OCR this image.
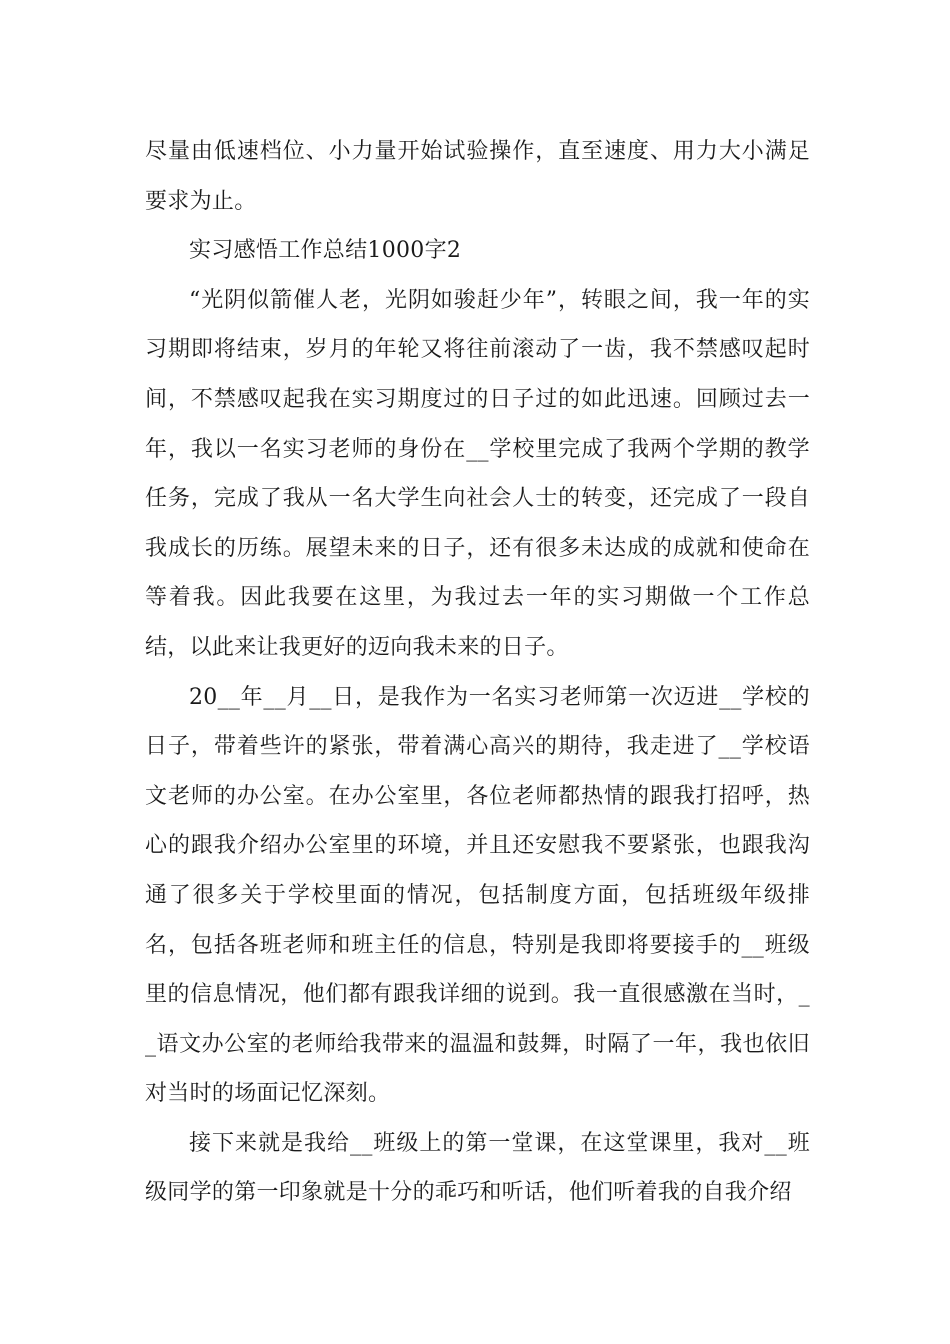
尽量由低速档位、小力量开始试验操作，直至速度、用力大小满足要求为止。

实习感悟工作总结1000字2

“光阴似箭催人老，光阴如骏赶少年”，转眼之间，我一年的实习期即将结束，岁月的年轮又将往前滚动了一齿，我不禁感叹起时间，不禁感叹起我在实习期度过的日子过的如此迅速。回顾过去一年，我以一名实习老师的身份在__学校里完成了我两个学期的教学任务，完成了我从一名大学生向社会人士的转变，还完成了一段自我成长的历练。展望未来的日子，还有很多未达成的成就和使命在等着我。因此我要在这里，为我过去一年的实习期做一个工作总结，以此来让我更好的迈向我未来的日子。

20__年__月__日，是我作为一名实习老师第一次迈进__学校的日子，带着些许的紧张，带着满心高兴的期待，我走进了__学校语文老师的办公室。在办公室里，各位老师都热情的跟我打招呼，热心的跟我介绍办公室里的环境，并且还安慰我不要紧张，也跟我沟通了很多关于学校里面的情况，包括制度方面，包括班级年级排名，包括各班老师和班主任的信息，特别是我即将要接手的__班级里的信息情况，他们都有跟我详细的说到。我一直很感激在当时，__语文办公室的老师给我带来的温温和鼓舞，时隔了一年，我也依旧对当时的场面记忆深刻。

接下来就是我给__班级上的第一堂课，在这堂课里，我对__班级同学的第一印象就是十分的乖巧和听话，他们听着我的自我介绍
